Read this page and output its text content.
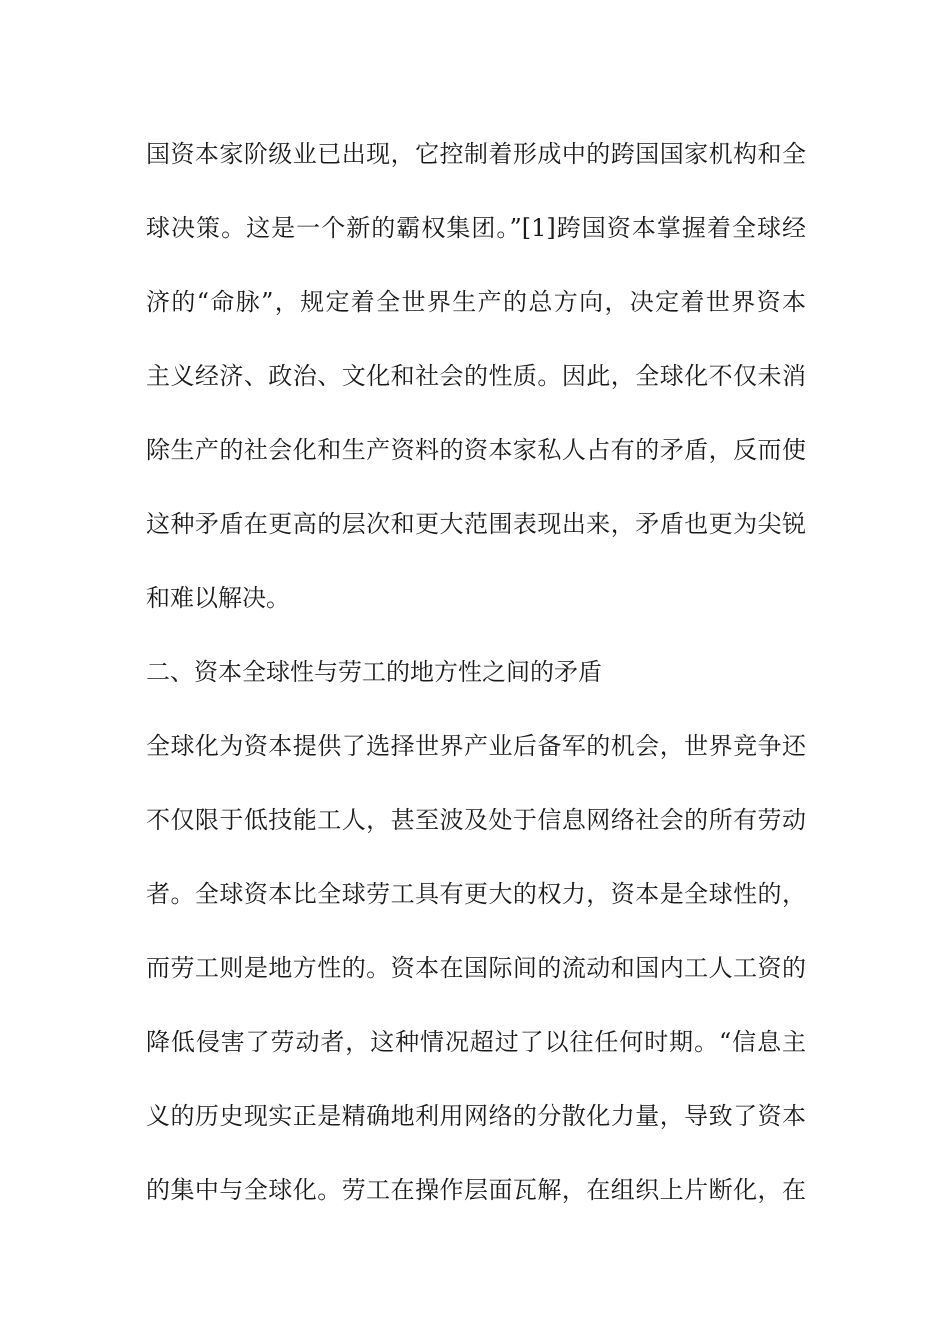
国资本家阶级业已出现，它控制着形成中的跨国国家机构和全
球决策。这是一个新的霸权集团。”[1]跨国资本掌握着全球经
济的“命脉”，规定着全世界生产的总方向，决定着世界资本
主义经济、政治、文化和社会的性质。因此，全球化不仅未消
除生产的社会化和生产资料的资本家私人占有的矛盾，反而使
这种矛盾在更高的层次和更大范围表现出来，矛盾也更为尖锐
和难以解决。
二、资本全球性与劳工的地方性之间的矛盾
全球化为资本提供了选择世界产业后备军的机会，世界竞争还
不仅限于低技能工人，甚至波及处于信息网络社会的所有劳动
者。全球资本比全球劳工具有更大的权力，资本是全球性的，
而劳工则是地方性的。资本在国际间的流动和国内工人工资的
降低侵害了劳动者，这种情况超过了以往任何时期。“信息主
义的历史现实正是精确地利用网络的分散化力量，导致了资本
的集中与全球化。劳工在操作层面瓦解，在组织上片断化，在
